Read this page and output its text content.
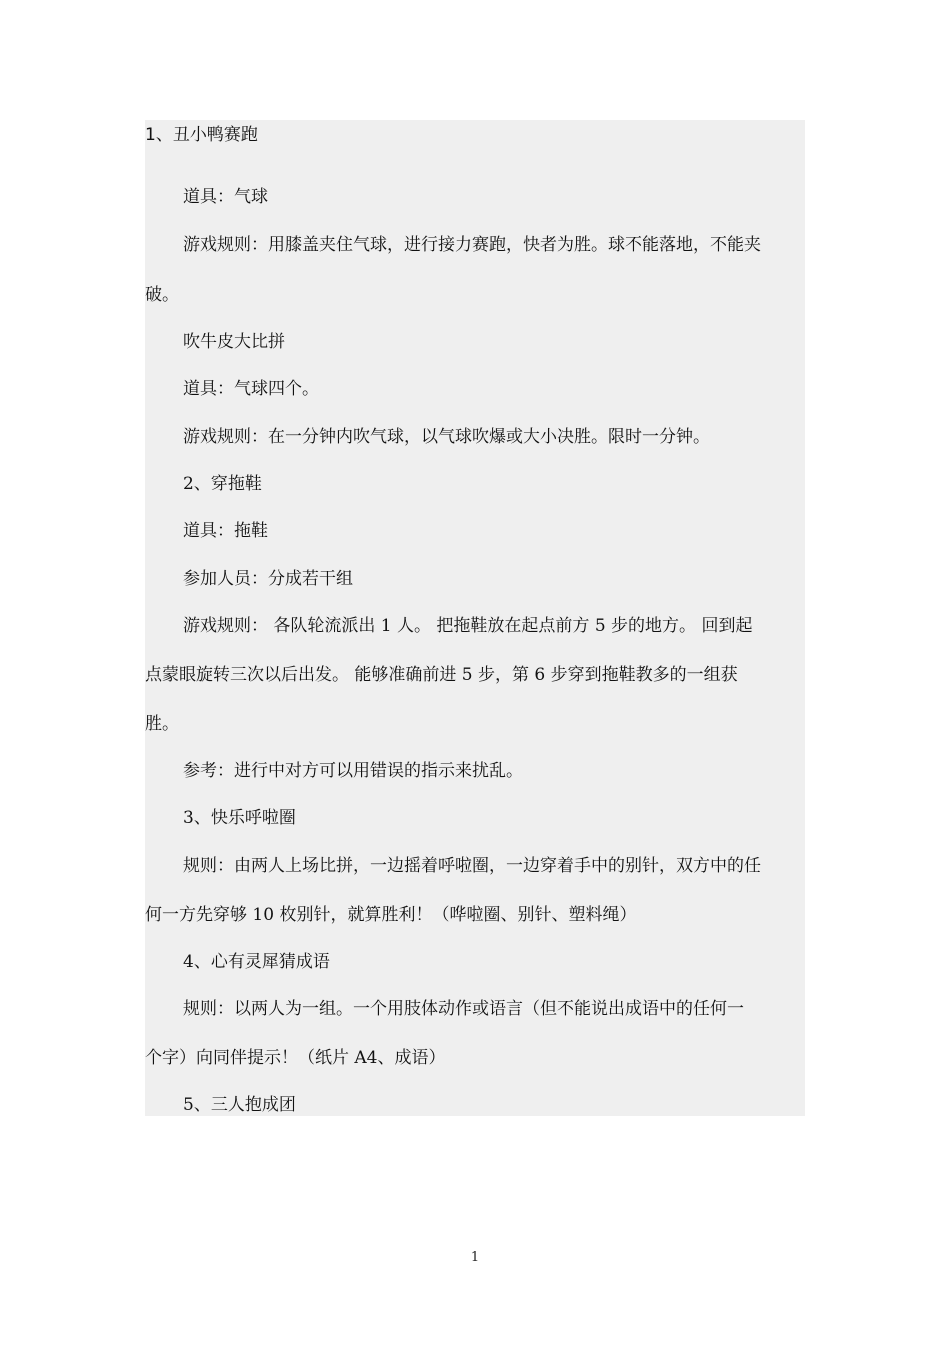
1、丑小鸭赛跑
道具：气球
游戏规则：用膝盖夹住气球，进行接力赛跑，快者为胜。球不能落地，不能夹
破。
吹牛皮大比拼
道具：气球四个。
游戏规则：在一分钟内吹气球，以气球吹爆或大小决胜。限时一分钟。
2、穿拖鞋
道具：拖鞋
参加人员：分成若干组
游戏规则： 各队轮流派出 1 人。 把拖鞋放在起点前方 5 步的地方。 回到起
点蒙眼旋转三次以后出发。 能够准确前进 5 步，第 6 步穿到拖鞋教多的一组获
胜。
参考：进行中对方可以用错误的指示来扰乱。
3、快乐呼啦圈
规则：由两人上场比拼，一边摇着呼啦圈，一边穿着手中的别针，双方中的任
何一方先穿够 10 枚别针，就算胜利！（哗啦圈、别针、塑料绳）
4、心有灵犀猜成语
规则：以两人为一组。一个用肢体动作或语言（但不能说出成语中的任何一
个字）向同伴提示！（纸片 A4、成语）
5、三人抱成团
1
